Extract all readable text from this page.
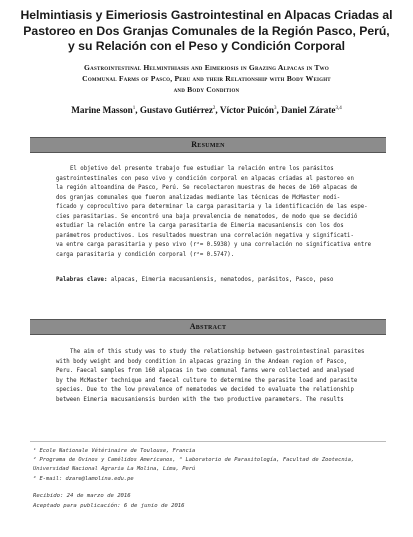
Helmintiasis y Eimeriosis Gastrointestinal en Alpacas Criadas al
Pastoreo en Dos Granjas Comunales de la Región Pasco, Perú,
y su Relación con el Peso y Condición Corporal
Gastrointestinal Helminthiasis and Eimeriosis in Grazing Alpacas in Two
Communal Farms of Pasco, Peru and their Relationship with Body Weight
and Body Condition
Marine Masson$^1$, Gustavo Gutiérrez$^2$, Víctor Puicón$^3$, Daniel Zárate$^{3,4}$
Resumen
El objetivo del presente trabajo fue estudiar la relación entre los parásitos
gastrointestinales con peso vivo y condición corporal en alpacas criadas al pastoreo en
la región altoandina de Pasco, Perú. Se recolectaron muestras de heces de 160 alpacas de
dos granjas comunales que fueron analizadas mediante las técnicas de McMaster modi-
ficado y coprocultivo para determinar la carga parasitaria y la identificación de las espe-
cies parasitarias. Se encontró una baja prevalencia de nematodos, de modo que se decidió
estudiar la relación entre la carga parasitaria de Eimeria macusaniensis con los dos
parámetros productivos. Los resultados muestran una correlación negativa y significati-
va entre carga parasitaria y peso vivo (r²= 0.5938) y una correlación no significativa entre
carga parasitaria y condición corporal (r²= 0.5747).
Palabras clave: alpacas, Eimeria macusaniensis, nematodos, parásitos, Pasco, peso
Abstract
The aim of this study was to study the relationship between gastrointestinal parasites
with body weight and body condition in alpacas grazing in the Andean region of Pasco,
Peru. Faecal samples from 160 alpacas in two communal farms were collected and analysed
by the McMaster technique and faecal culture to determine the parasite load and parasite
species. Due to the low prevalence of nematodes we decided to evaluate the relationship
between Eimeria macusaniensis burden with the two productive parameters. The results
¹ Ecole Nationale Vétérinaire de Toulouse, Francia
² Programa de Ovinos y Camélidos Americanos, ³ Laboratorio de Parasitología, Facultad de Zootecnia,
Universidad Nacional Agraria La Molina, Lima, Perú
⁴ E-mail: dzare@lamolina.edu.pe
Recibido: 24 de marzo de 2016
Aceptado para publicación: 6 de junio de 2016
